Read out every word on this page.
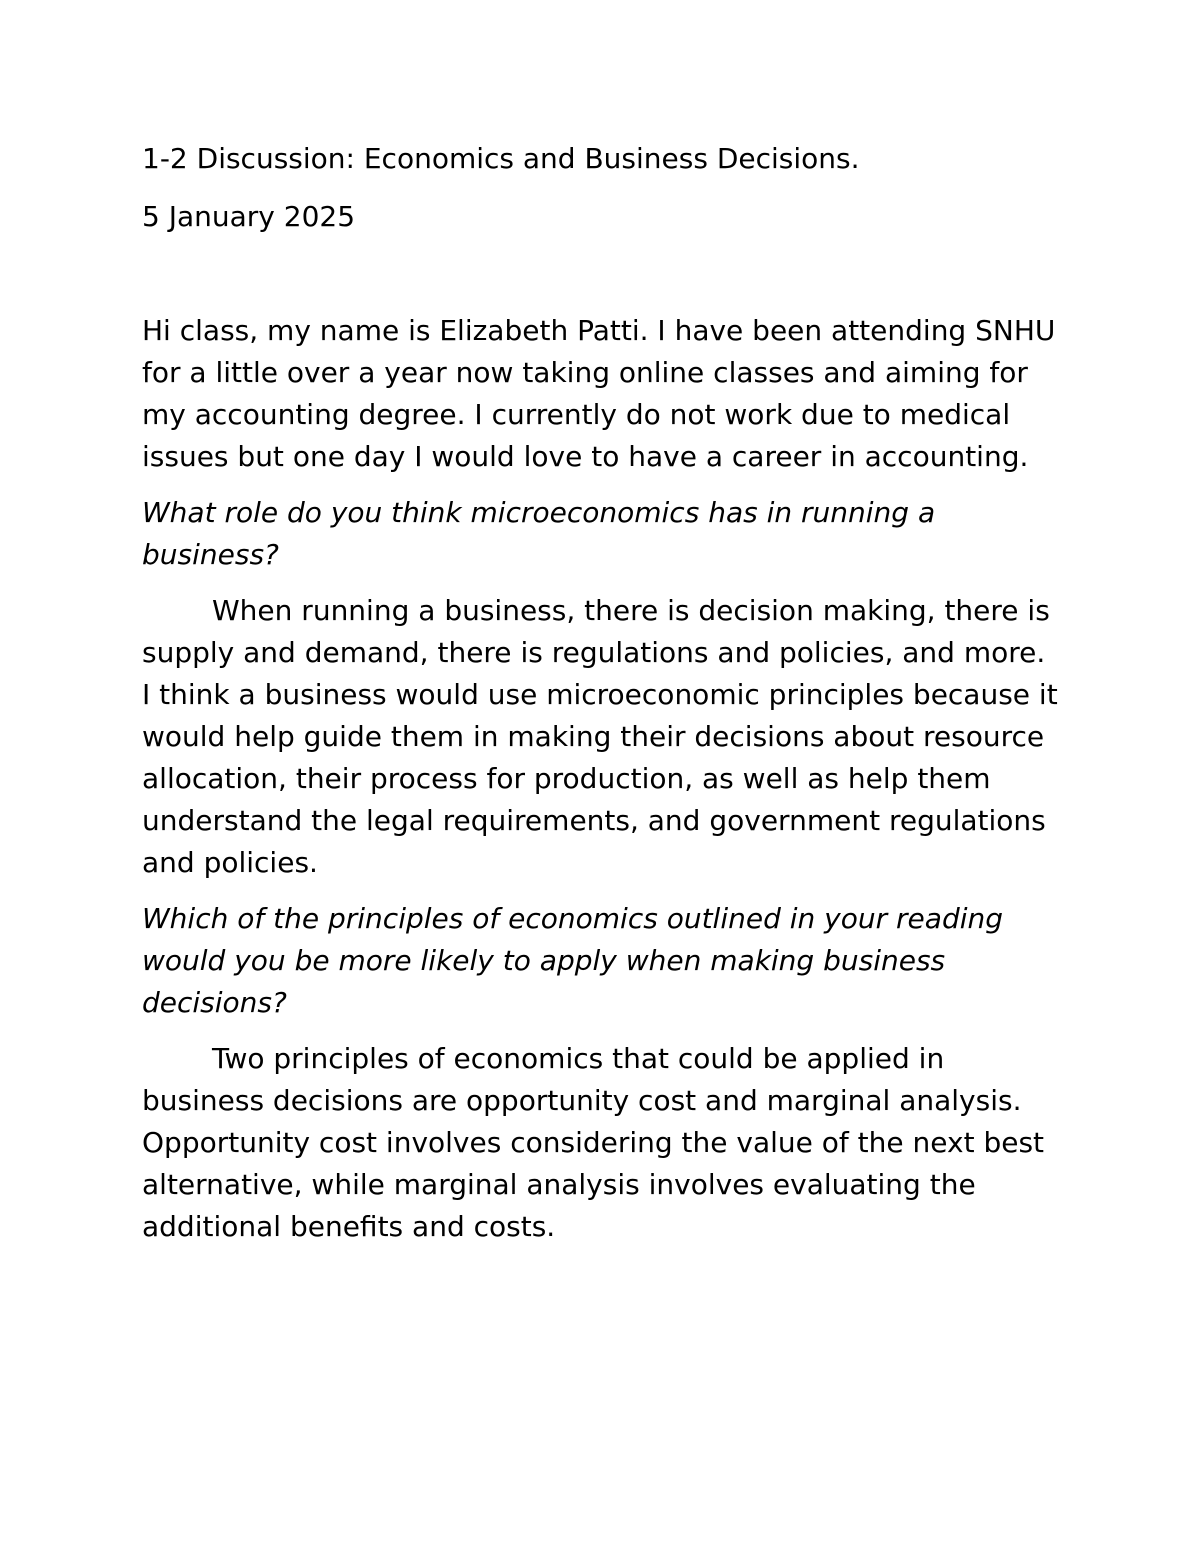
1-2 Discussion: Economics and Business Decisions.

5 January 2025

Hi class, my name is Elizabeth Patti. I have been attending SNHU for a little over a year now taking online classes and aiming for my accounting degree. I currently do not work due to medical issues but one day I would love to have a career in accounting.

What role do you think microeconomics has in running a business?

When running a business, there is decision making, there is supply and demand, there is regulations and policies, and more. I think a business would use microeconomic principles because it would help guide them in making their decisions about resource allocation, their process for production, as well as help them understand the legal requirements, and government regulations and policies.

Which of the principles of economics outlined in your reading would you be more likely to apply when making business decisions?

Two principles of economics that could be applied in business decisions are opportunity cost and marginal analysis. Opportunity cost involves considering the value of the next best alternative, while marginal analysis involves evaluating the additional benefits and costs.
